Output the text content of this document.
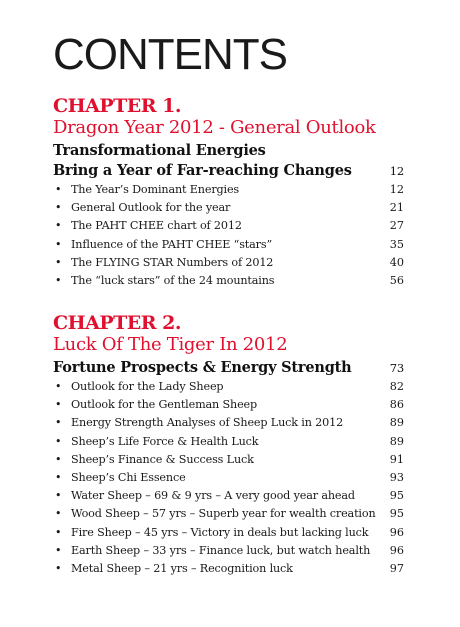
CONTENTS
CHAPTER 1.
Dragon Year 2012 - General Outlook
Transformational Energies
Bring a Year of Far-reaching Changes	12
• The Year’s Dominant Energies	12
• General Outlook for the year	21
• The PAHT CHEE chart of 2012	27
• Influence of the PAHT CHEE “stars”	35
• The FLYING STAR Numbers of 2012	40
• The “luck stars” of the 24 mountains	56
CHAPTER 2.
Luck Of The Tiger In 2012
Fortune Prospects & Energy Strength	73
• Outlook for the Lady Sheep	82
• Outlook for the Gentleman Sheep	86
• Energy Strength Analyses of Sheep Luck in 2012	89
• Sheep’s Life Force & Health Luck	89
• Sheep’s Finance & Success Luck	91
• Sheep’s Chi Essence	93
• Water Sheep – 69 & 9 yrs – A very good year ahead	95
• Wood Sheep – 57 yrs – Superb year for wealth creation	95
• Fire Sheep – 45 yrs – Victory in deals but lacking luck	96
• Earth Sheep – 33 yrs – Finance luck, but watch health	96
• Metal Sheep – 21 yrs – Recognition luck	97
